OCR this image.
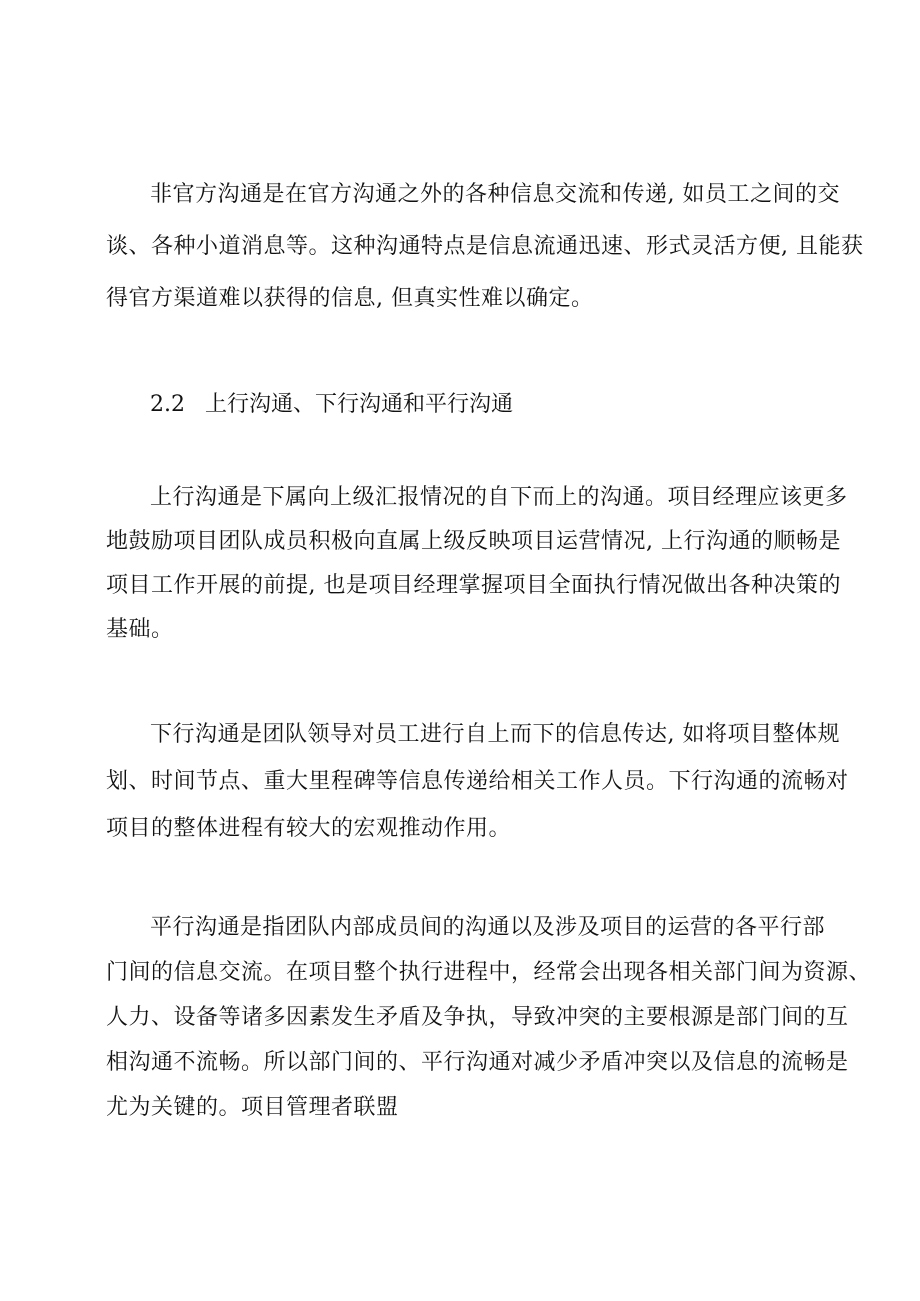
非官方沟通是在官方沟通之外的各种信息交流和传递, 如员工之间的交
谈、各种小道消息等。这种沟通特点是信息流通迅速、形式灵活方便, 且能获
得官方渠道难以获得的信息, 但真实性难以确定。
2.2 上行沟通、下行沟通和平行沟通
上行沟通是下属向上级汇报情况的自下而上的沟通。项目经理应该更多
地鼓励项目团队成员积极向直属上级反映项目运营情况, 上行沟通的顺畅是
项目工作开展的前提, 也是项目经理掌握项目全面执行情况做出各种决策的
基础。
下行沟通是团队领导对员工进行自上而下的信息传达, 如将项目整体规
划、时间节点、重大里程碑等信息传递给相关工作人员。下行沟通的流畅对
项目的整体进程有较大的宏观推动作用。
平行沟通是指团队内部成员间的沟通以及涉及项目的运营的各平行部
门间的信息交流。在项目整个执行进程中，经常会出现各相关部门间为资源、
人力、设备等诸多因素发生矛盾及争执，导致冲突的主要根源是部门间的互
相沟通不流畅。所以部门间的、平行沟通对减少矛盾冲突以及信息的流畅是
尤为关键的。项目管理者联盟
